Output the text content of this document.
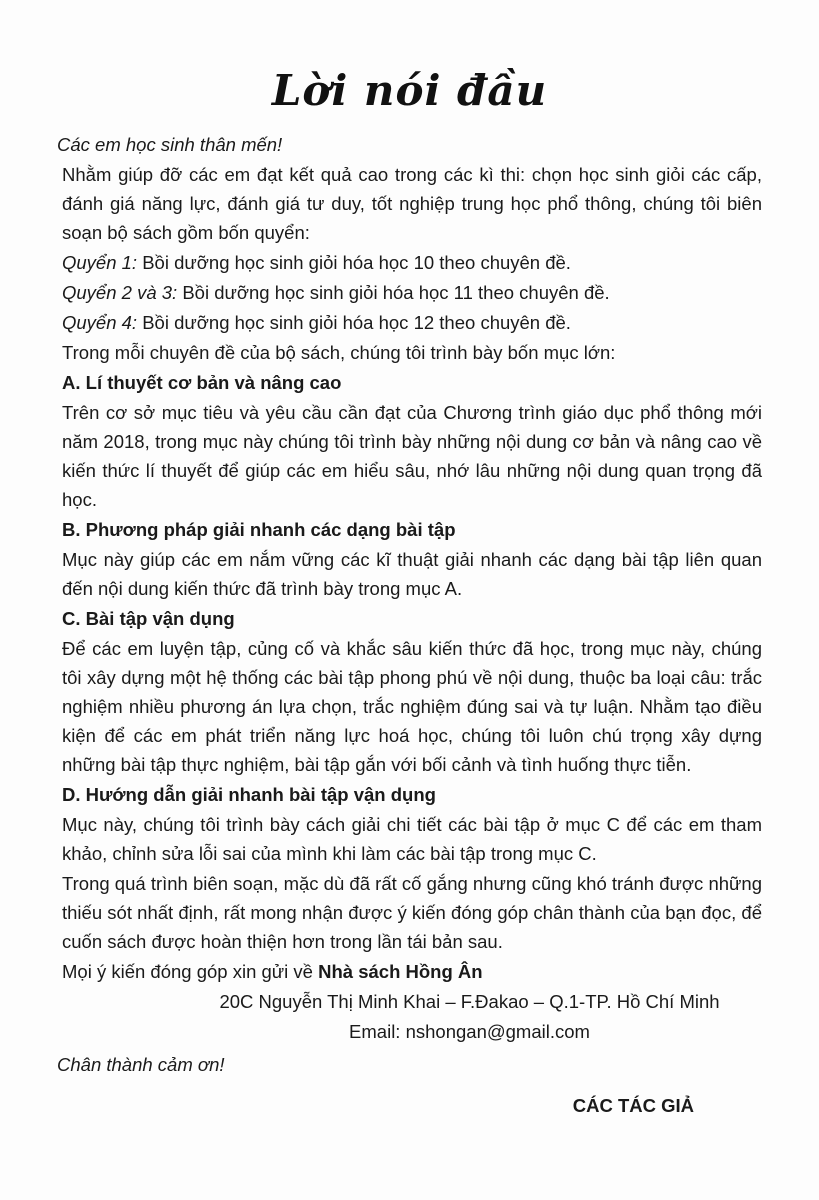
Lời nói đầu

Các em học sinh thân mến!

Nhằm giúp đỡ các em đạt kết quả cao trong các kì thi: chọn học sinh giỏi các cấp, đánh giá năng lực, đánh giá tư duy, tốt nghiệp trung học phổ thông, chúng tôi biên soạn bộ sách gồm bốn quyển:

Quyển 1: Bồi dưỡng học sinh giỏi hóa học 10 theo chuyên đề.

Quyển 2 và 3: Bồi dưỡng học sinh giỏi hóa học 11 theo chuyên đề.

Quyển 4: Bồi dưỡng học sinh giỏi hóa học 12 theo chuyên đề.

Trong mỗi chuyên đề của bộ sách, chúng tôi trình bày bốn mục lớn:

A. Lí thuyết cơ bản và nâng cao

Trên cơ sở mục tiêu và yêu cầu cần đạt của Chương trình giáo dục phổ thông mới năm 2018, trong mục này chúng tôi trình bày những nội dung cơ bản và nâng cao về kiến thức lí thuyết để giúp các em hiểu sâu, nhớ lâu những nội dung quan trọng đã học.

B. Phương pháp giải nhanh các dạng bài tập

Mục này giúp các em nắm vững các kĩ thuật giải nhanh các dạng bài tập liên quan đến nội dung kiến thức đã trình bày trong mục A.

C. Bài tập vận dụng

Để các em luyện tập, củng cố và khắc sâu kiến thức đã học, trong mục này, chúng tôi xây dựng một hệ thống các bài tập phong phú về nội dung, thuộc ba loại câu: trắc nghiệm nhiều phương án lựa chọn, trắc nghiệm đúng sai và tự luận. Nhằm tạo điều kiện để các em phát triển năng lực hoá học, chúng tôi luôn chú trọng xây dựng những bài tập thực nghiệm, bài tập gắn với bối cảnh và tình huống thực tiễn.

D. Hướng dẫn giải nhanh bài tập vận dụng

Mục này, chúng tôi trình bày cách giải chi tiết các bài tập ở mục C để các em tham khảo, chỉnh sửa lỗi sai của mình khi làm các bài tập trong mục C.

Trong quá trình biên soạn, mặc dù đã rất cố gắng nhưng cũng khó tránh được những thiếu sót nhất định, rất mong nhận được ý kiến đóng góp chân thành của bạn đọc, để cuốn sách được hoàn thiện hơn trong lần tái bản sau.

Mọi ý kiến đóng góp xin gửi về Nhà sách Hồng Ân

20C Nguyễn Thị Minh Khai – F.Đakao – Q.1-TP. Hồ Chí Minh

Email: nshongan@gmail.com

Chân thành cảm ơn!

CÁC TÁC GIẢ
